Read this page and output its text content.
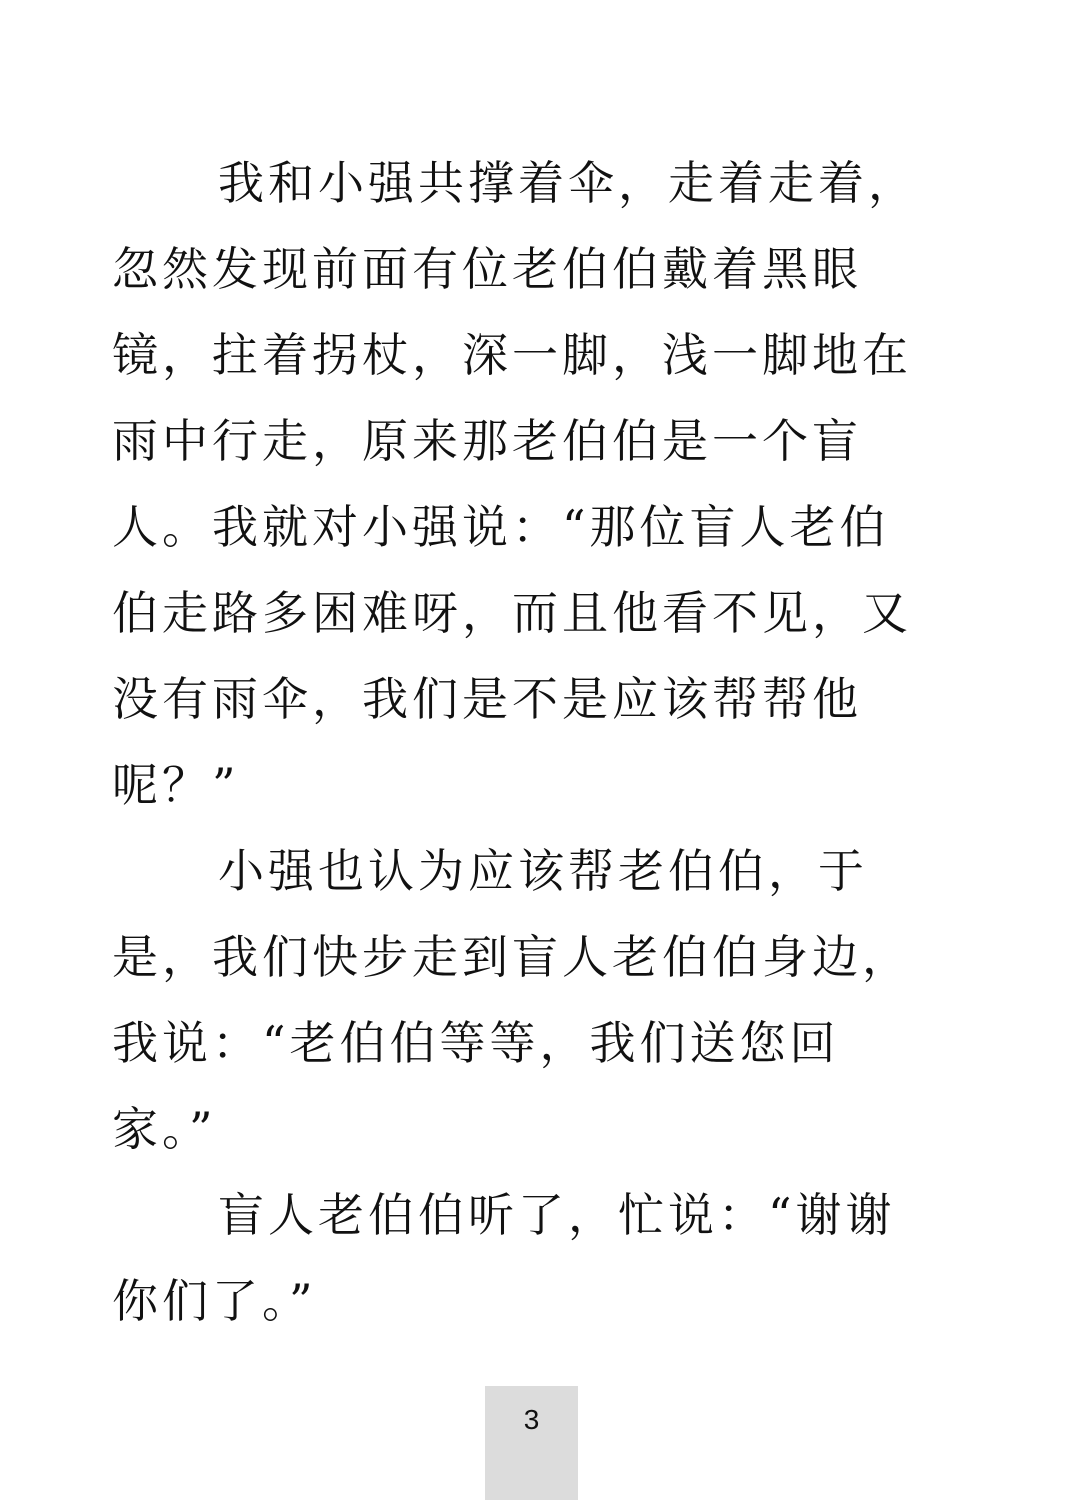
我和小强共撑着伞，走着走着，
忽然发现前面有位老伯伯戴着黑眼
镜，拄着拐杖，深一脚，浅一脚地在
雨中行走，原来那老伯伯是一个盲
人。我就对小强说：“那位盲人老伯
伯走路多困难呀，而且他看不见，又
没有雨伞，我们是不是应该帮帮他
呢？”
小强也认为应该帮老伯伯，于
是，我们快步走到盲人老伯伯身边，
我说：“老伯伯等等，我们送您回
家。”
盲人老伯伯听了，忙说：“谢谢
你们了。”
3
